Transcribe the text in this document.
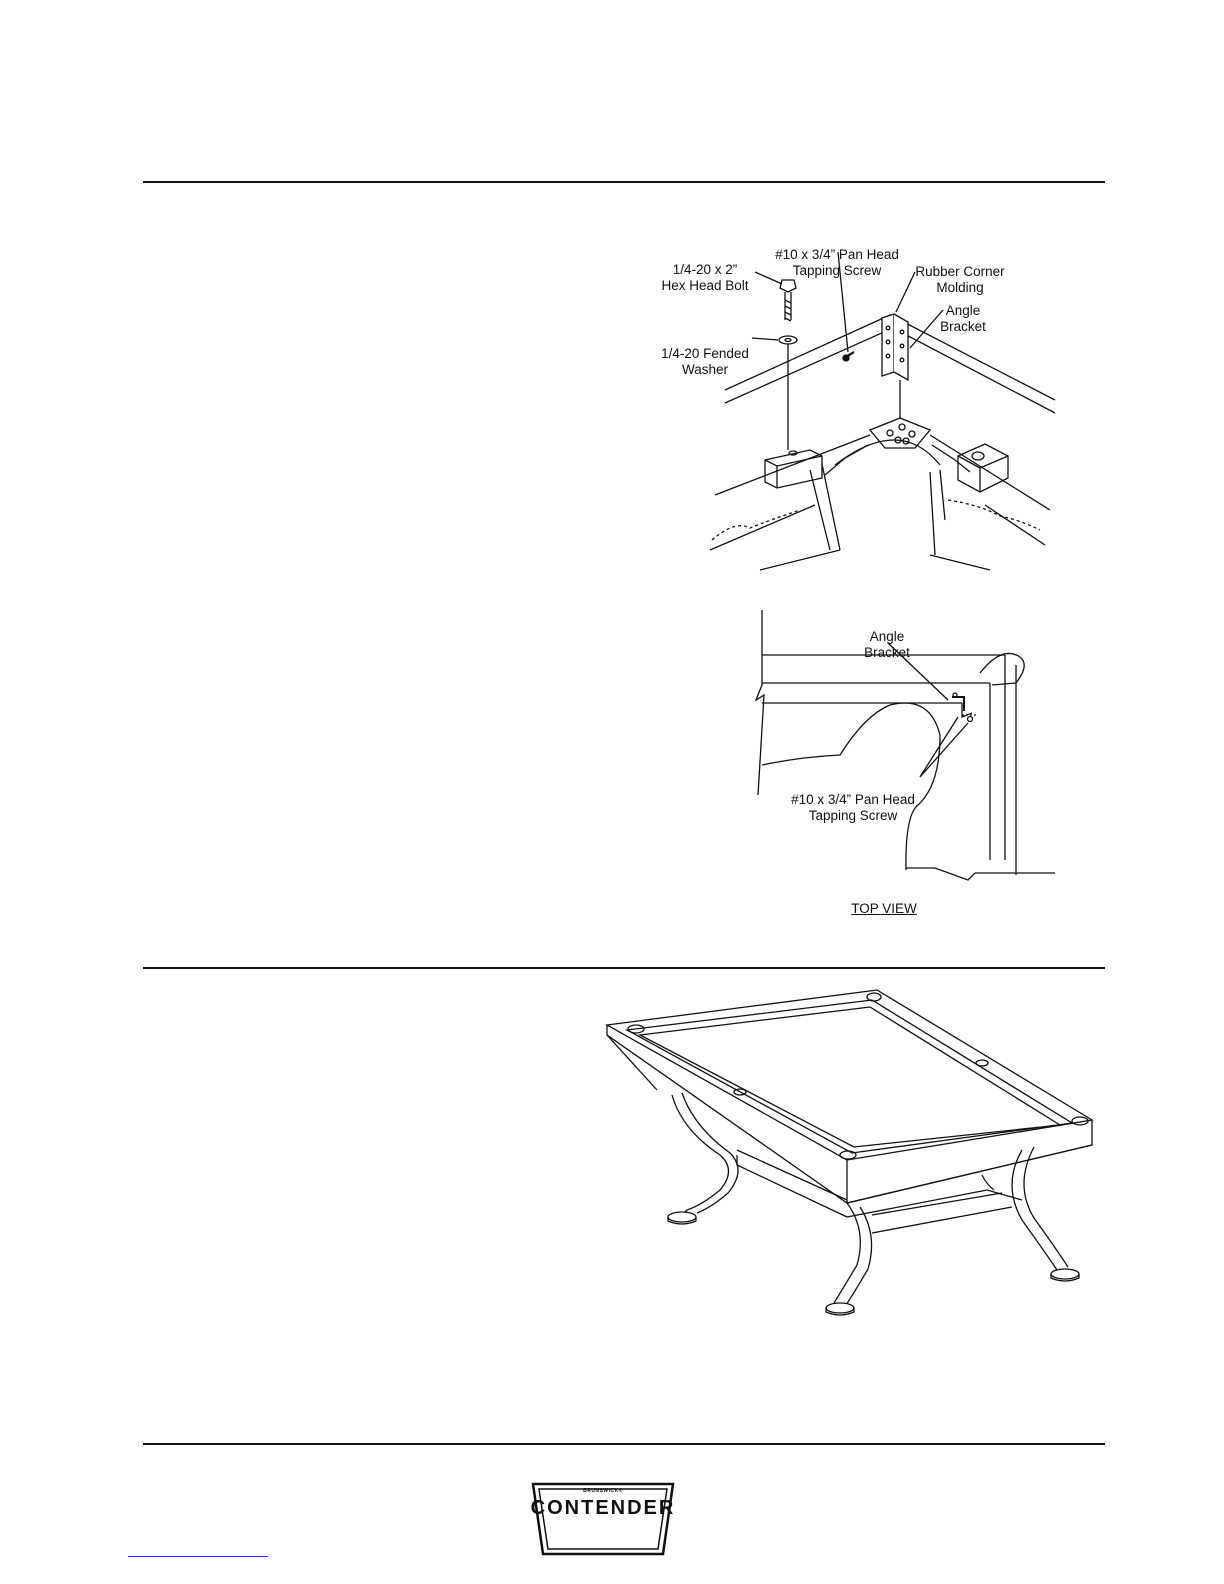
1/4-20 x 2”
Hex Head Bolt

#10 x 3/4” Pan Head
Tapping Screw	Rubber Corner
Molding

Angle
Bracket

1/4-20 Fended
Washer

Angle
Bracket

#10 x 3/4” Pan Head
Tapping Screw

TOP VIEW
BRUNSWICK®
CONTENDER
